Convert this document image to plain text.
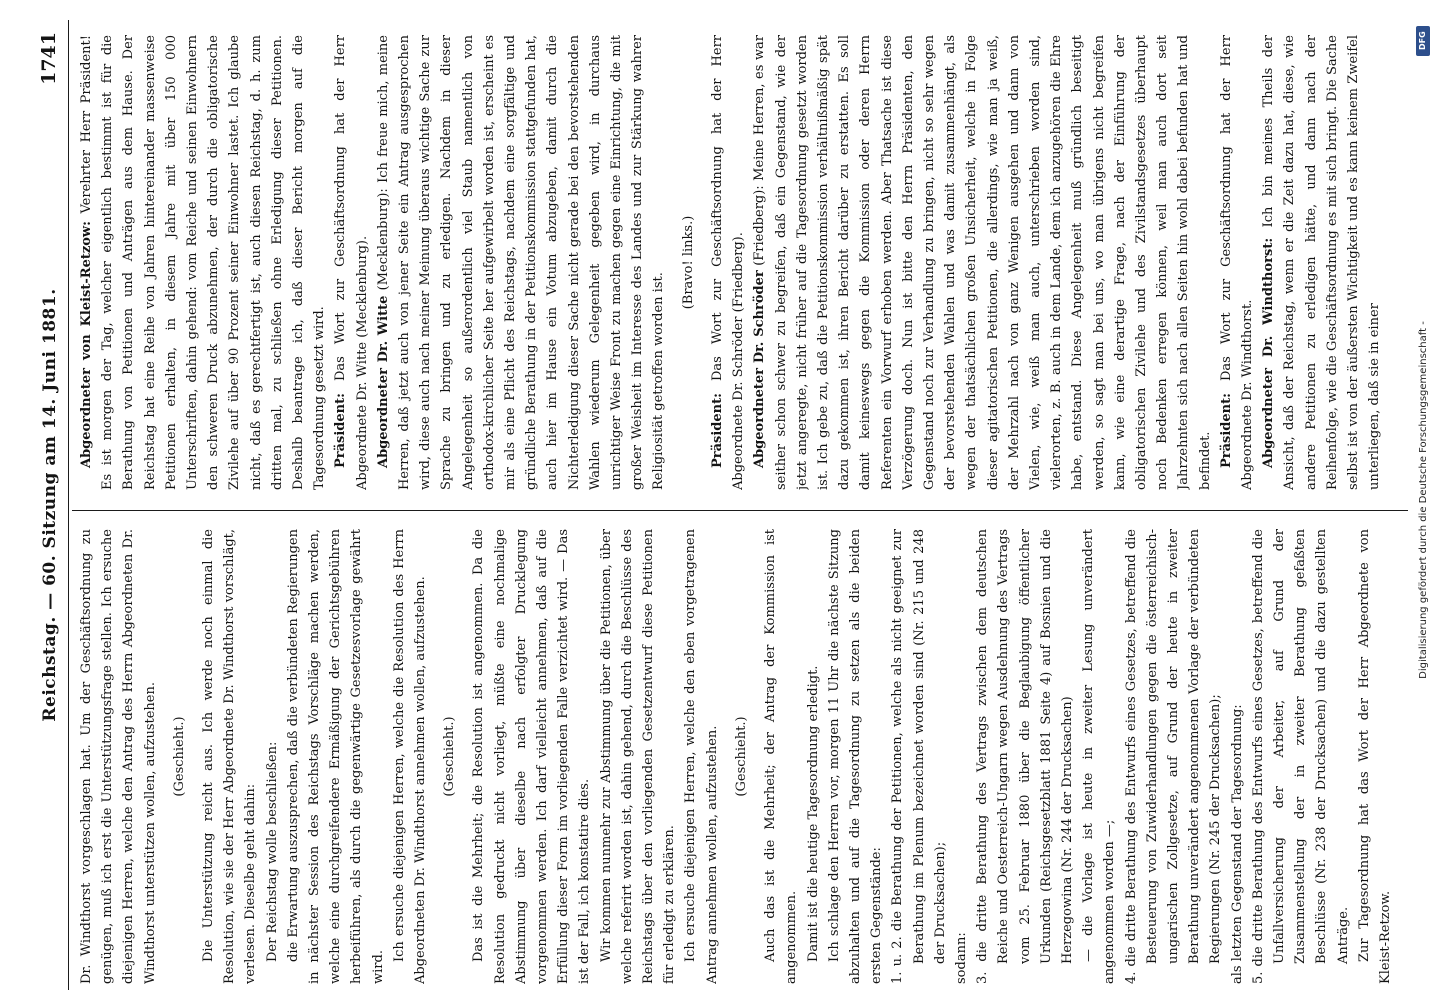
Reichstag. — 60. Sitzung am 14. Juni 1881.
1741

Dr. Windthorst vorgeschlagen hat. Um der Geschäftsordnung zu genügen, muß ich erst die Unterstützungsfrage stellen. Ich ersuche diejenigen Herren, welche den Antrag des Herrn Abgeordneten Dr. Windthorst unterstützen wollen, aufzustehen. (Geschieht.) Die Unterstützung reicht aus. Ich werde noch einmal die Resolution, wie sie der Herr Abgeordnete Dr. Windthorst vorschlägt, verlesen. Dieselbe geht dahin: Der Reichstag wolle beschließen: die Erwartung auszusprechen, daß die verbündeten Regierungen in nächster Session des Reichstags Vorschläge machen werden, welche eine durchgreifendere Ermäßigung der Gerichtsgebühren herbeiführen, als durch die gegenwärtige Gesetzesvorlage gewährt wird.

Ich ersuche diejenigen Herren, welche die Resolution des Herrn Abgeordneten Dr. Windthorst annehmen wollen, aufzustehen. (Geschieht.) Das ist die Mehrheit; die Resolution ist angenommen. Da die Resolution gedruckt nicht vorliegt, müßte eine nochmalige Abstimmung über dieselbe nach erfolgter Drucklegung vorgenommen werden. Ich darf vielleicht annehmen, daß auf die Erfüllung dieser Form im vorliegenden Falle verzichtet wird. — Das ist der Fall, ich konstatire dies. Wir kommen nunmehr zur Abstimmung über die Petitionen, über welche referirt worden ist, dahin gehend, durch die Beschlüsse des Reichstags über den vorliegenden Gesetzentwurf diese Petitionen für erledigt zu erklären. Ich ersuche diejenigen Herren, welche den eben vorgetragenen Antrag annehmen wollen, aufzustehen. (Geschieht.) Auch das ist die Mehrheit; der Antrag der Kommission ist angenommen. Damit ist die heutige Tagesordnung erledigt. Ich schlage den Herren vor, morgen 11 Uhr die nächste Sitzung abzuhalten und auf die Tagesordnung zu setzen als die beiden ersten Gegenstände: 1. u. 2. die Berathung der Petitionen, welche als nicht geeignet zur Berathung im Plenum bezeichnet worden sind (Nr. 215 und 248 der Drucksachen); sodann: 3. die dritte Berathung des Vertrags zwischen dem deutschen Reiche und Oesterreich-Ungarn wegen Ausdehnung des Vertrags vom 25. Februar 1880 über die Beglaubigung öffentlicher Urkunden (Reichsgesetzblatt 1881 Seite 4) auf Bosnien und die Herzegowina (Nr. 244 der Drucksachen) — die Vorlage ist heute in zweiter Lesung unverändert angenommen worden —; 4. die dritte Berathung des Entwurfs eines Gesetzes, betreffend die Besteuerung von Zuwiderhandlungen gegen die österreichisch-ungarischen Zollgesetze, auf Grund der heute in zweiter Berathung unverändert angenommenen Vorlage der verbündeten Regierungen (Nr. 245 der Drucksachen); als letzten Gegenstand der Tagesordnung: 5. die dritte Berathung des Entwurfs eines Gesetzes, betreffend die Unfallversicherung der Arbeiter, auf Grund der Zusammenstellung der in zweiter Berathung gefaßten Beschlüsse (Nr. 238 der Drucksachen) und die dazu gestellten Anträge. Zur Tagesordnung hat das Wort der Herr Abgeordnete von Kleist-Retzow.

Abgeordneter von Kleist-Retzow: Verehrter Herr Präsident! Es ist morgen der Tag, welcher eigentlich bestimmt ist für die Berathung von Petitionen und Anträgen aus dem Hause. Der Reichstag hat eine Reihe von Jahren hintereinander massenweise Petitionen erhalten, in diesem Jahre mit über 150 000 Unterschriften, dahin gehend: vom Reiche und seinen Einwohnern den schweren Druck abzunehmen, der durch die obligatorische Zivilehe auf über 90 Prozent seiner Einwohner lastet. Ich glaube nicht, daß es gerechtfertigt ist, auch diesen Reichstag, d. h. zum dritten mal, zu schließen ohne Erledigung dieser Petitionen. Deshalb beantrage ich, daß dieser Bericht morgen auf die Tagesordnung gesetzt wird. Präsident: Das Wort zur Geschäftsordnung hat der Herr Abgeordnete Dr. Witte (Mecklenburg). Abgeordneter Dr. Witte (Mecklenburg): Ich freue mich, meine Herren, daß jetzt auch von jener Seite ein Antrag ausgesprochen wird, diese auch nach meiner Meinung überaus wichtige Sache zur Sprache zu bringen und zu erledigen. Nachdem in dieser Angelegenheit so außerordentlich viel Staub namentlich von orthodox-kirchlicher Seite her aufgewirbelt worden ist, erscheint es mir als eine Pflicht des Reichstags, nachdem eine sorgfältige und gründliche Berathung in der Petitionskommission stattgefunden hat, auch hier im Hause ein Votum abzugeben, damit durch die Nichterledigung dieser Sache nicht gerade bei den bevorstehenden Wahlen wiederum Gelegenheit gegeben wird, in durchaus unrichtiger Weise Front zu machen gegen eine Einrichtung, die mit großer Weisheit im Interesse des Landes und zur Stärkung wahrer Religiosität getroffen worden ist.

(Bravo! links.)

Präsident: Das Wort zur Geschäftsordnung hat der Herr Abgeordnete Dr. Schröder (Friedberg). Abgeordneter Dr. Schröder (Friedberg): Meine Herren, es war seither schon schwer zu begreifen, daß ein Gegenstand, wie der jetzt angeregte, nicht früher auf die Tagesordnung gesetzt worden ist. Ich gebe zu, daß die Petitionskommission verhältnißmäßig spät dazu gekommen ist, ihren Bericht darüber zu erstatten. Es soll damit keineswegs gegen die Kommission oder deren Herrn Referenten ein Vorwurf erhoben werden. Aber Thatsache ist diese Verzögerung doch. Nun ist bitte den Herrn Präsidenten, den Gegenstand noch zur Verhandlung zu bringen, nicht so sehr wegen der bevorstehenden Wahlen und was damit zusammenhängt, als wegen der thatsächlichen großen Unsicherheit, welche in Folge dieser agitatorischen Petitionen, die allerdings, wie man ja weiß, der Mehrzahl nach von ganz Wenigen ausgehen und dann von Vielen, wie, weiß man auch, unterschrieben worden sind, vielerorten, z. B. auch in dem Lande, dem ich anzugehören die Ehre habe, entstand. Diese Angelegenheit muß gründlich beseitigt werden, so sagt man bei uns, wo man übrigens nicht begreifen kann, wie eine derartige Frage, nach der Einführung der obligatorischen Zivilehe und des Zivilstandsgesetzes überhaupt noch Bedenken erregen können, weil man auch dort seit Jahrzehnten sich nach allen Seiten hin wohl dabei befunden hat und befindet. Präsident: Das Wort zur Geschäftsordnung hat der Herr Abgeordnete Dr. Windthorst. Abgeordneter Dr. Windthorst: Ich bin meines Theils der Ansicht, daß der Reichstag, wenn er die Zeit dazu hat, diese, wie andere Petitionen zu erledigen hätte, und dann nach der Reihenfolge, wie die Geschäftsordnung es mit sich bringt. Die Sache selbst ist von der äußersten Wichtigkeit und es kann keinem Zweifel unterliegen, daß sie in einer	Digitalisierung gefördert durch die Deutsche Forschungsgemeinschaft -
DFG
